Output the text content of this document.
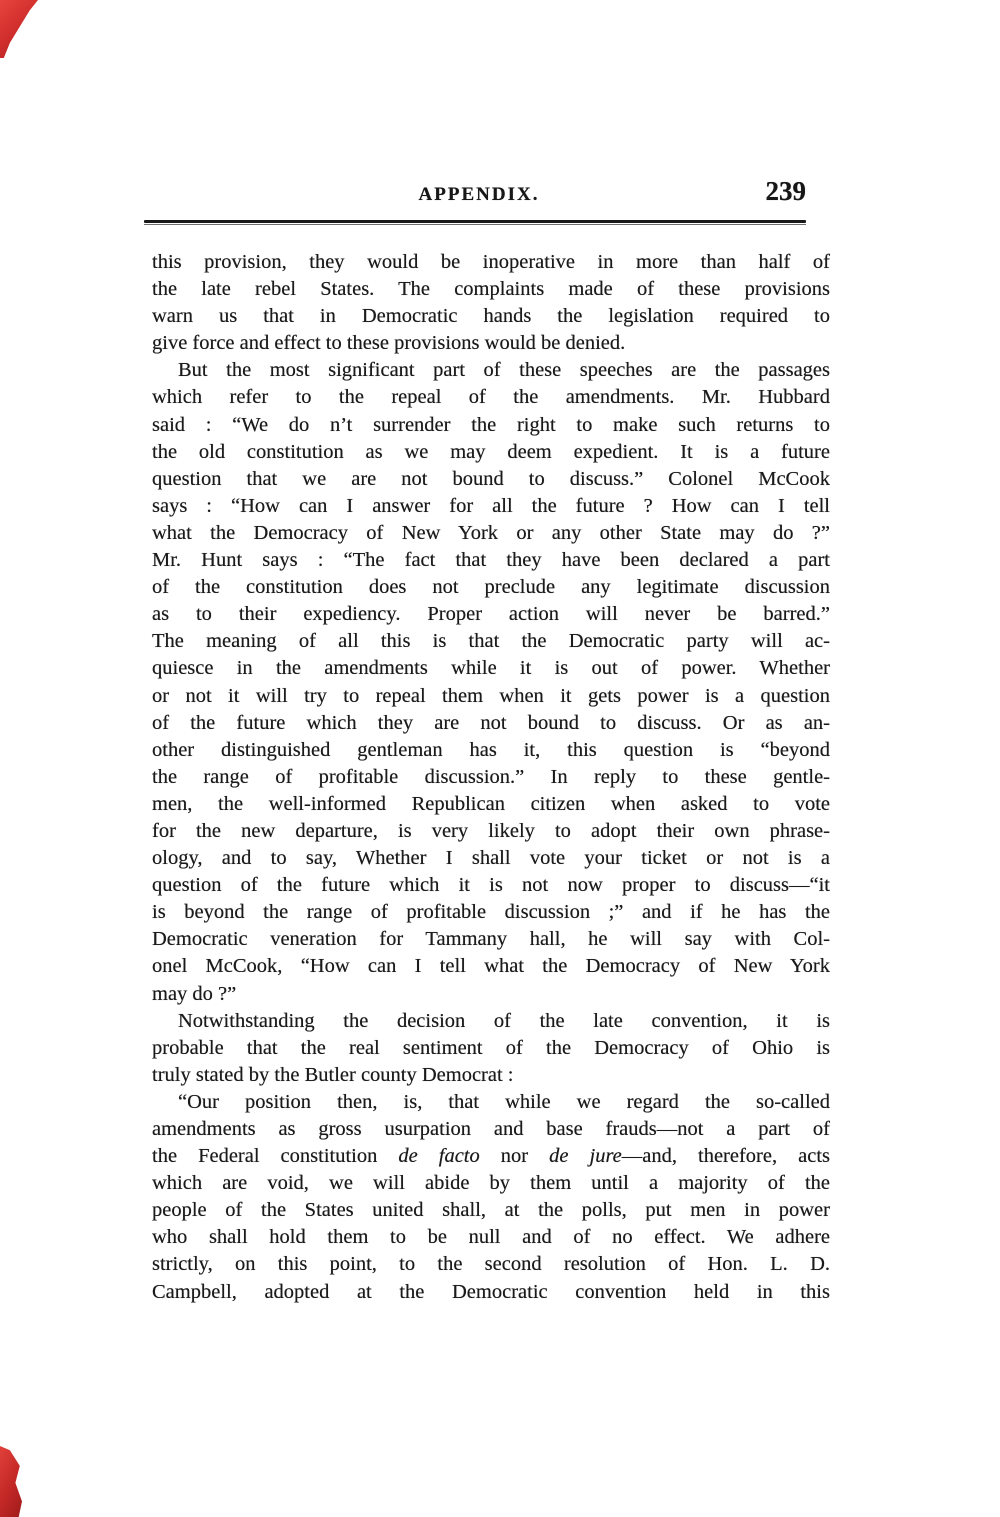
APPENDIX.	239
this provision, they would be inoperative in more than half of
the late rebel States. The complaints made of these provisions
warn us that in Democratic hands the legislation required to
give force and effect to these provisions would be denied.
But the most significant part of these speeches are the passages
which refer to the repeal of the amendments. Mr. Hubbard
said : “We do n’t surrender the right to make such returns to
the old constitution as we may deem expedient. It is a future
question that we are not bound to discuss.” Colonel McCook
says : “How can I answer for all the future ? How can I tell
what the Democracy of New York or any other State may do ?”
Mr. Hunt says : “The fact that they have been declared a part
of the constitution does not preclude any legitimate discussion
as to their expediency. Proper action will never be barred.”
The meaning of all this is that the Democratic party will ac-
quiesce in the amendments while it is out of power. Whether
or not it will try to repeal them when it gets power is a question
of the future which they are not bound to discuss. Or as an-
other distinguished gentleman has it, this question is “beyond
the range of profitable discussion.” In reply to these gentle-
men, the well-informed Republican citizen when asked to vote
for the new departure, is very likely to adopt their own phrase-
ology, and to say, Whether I shall vote your ticket or not is a
question of the future which it is not now proper to discuss—“it
is beyond the range of profitable discussion ;” and if he has the
Democratic veneration for Tammany hall, he will say with Col-
onel McCook, “How can I tell what the Democracy of New York
may do ?”
Notwithstanding the decision of the late convention, it is
probable that the real sentiment of the Democracy of Ohio is
truly stated by the Butler county Democrat :
“Our position then, is, that while we regard the so-called
amendments as gross usurpation and base frauds—not a part of
the Federal constitution de facto nor de jure—and, therefore, acts
which are void, we will abide by them until a majority of the
people of the States united shall, at the polls, put men in power
who shall hold them to be null and of no effect. We adhere
strictly, on this point, to the second resolution of Hon. L. D.
Campbell, adopted at the Democratic convention held in this
